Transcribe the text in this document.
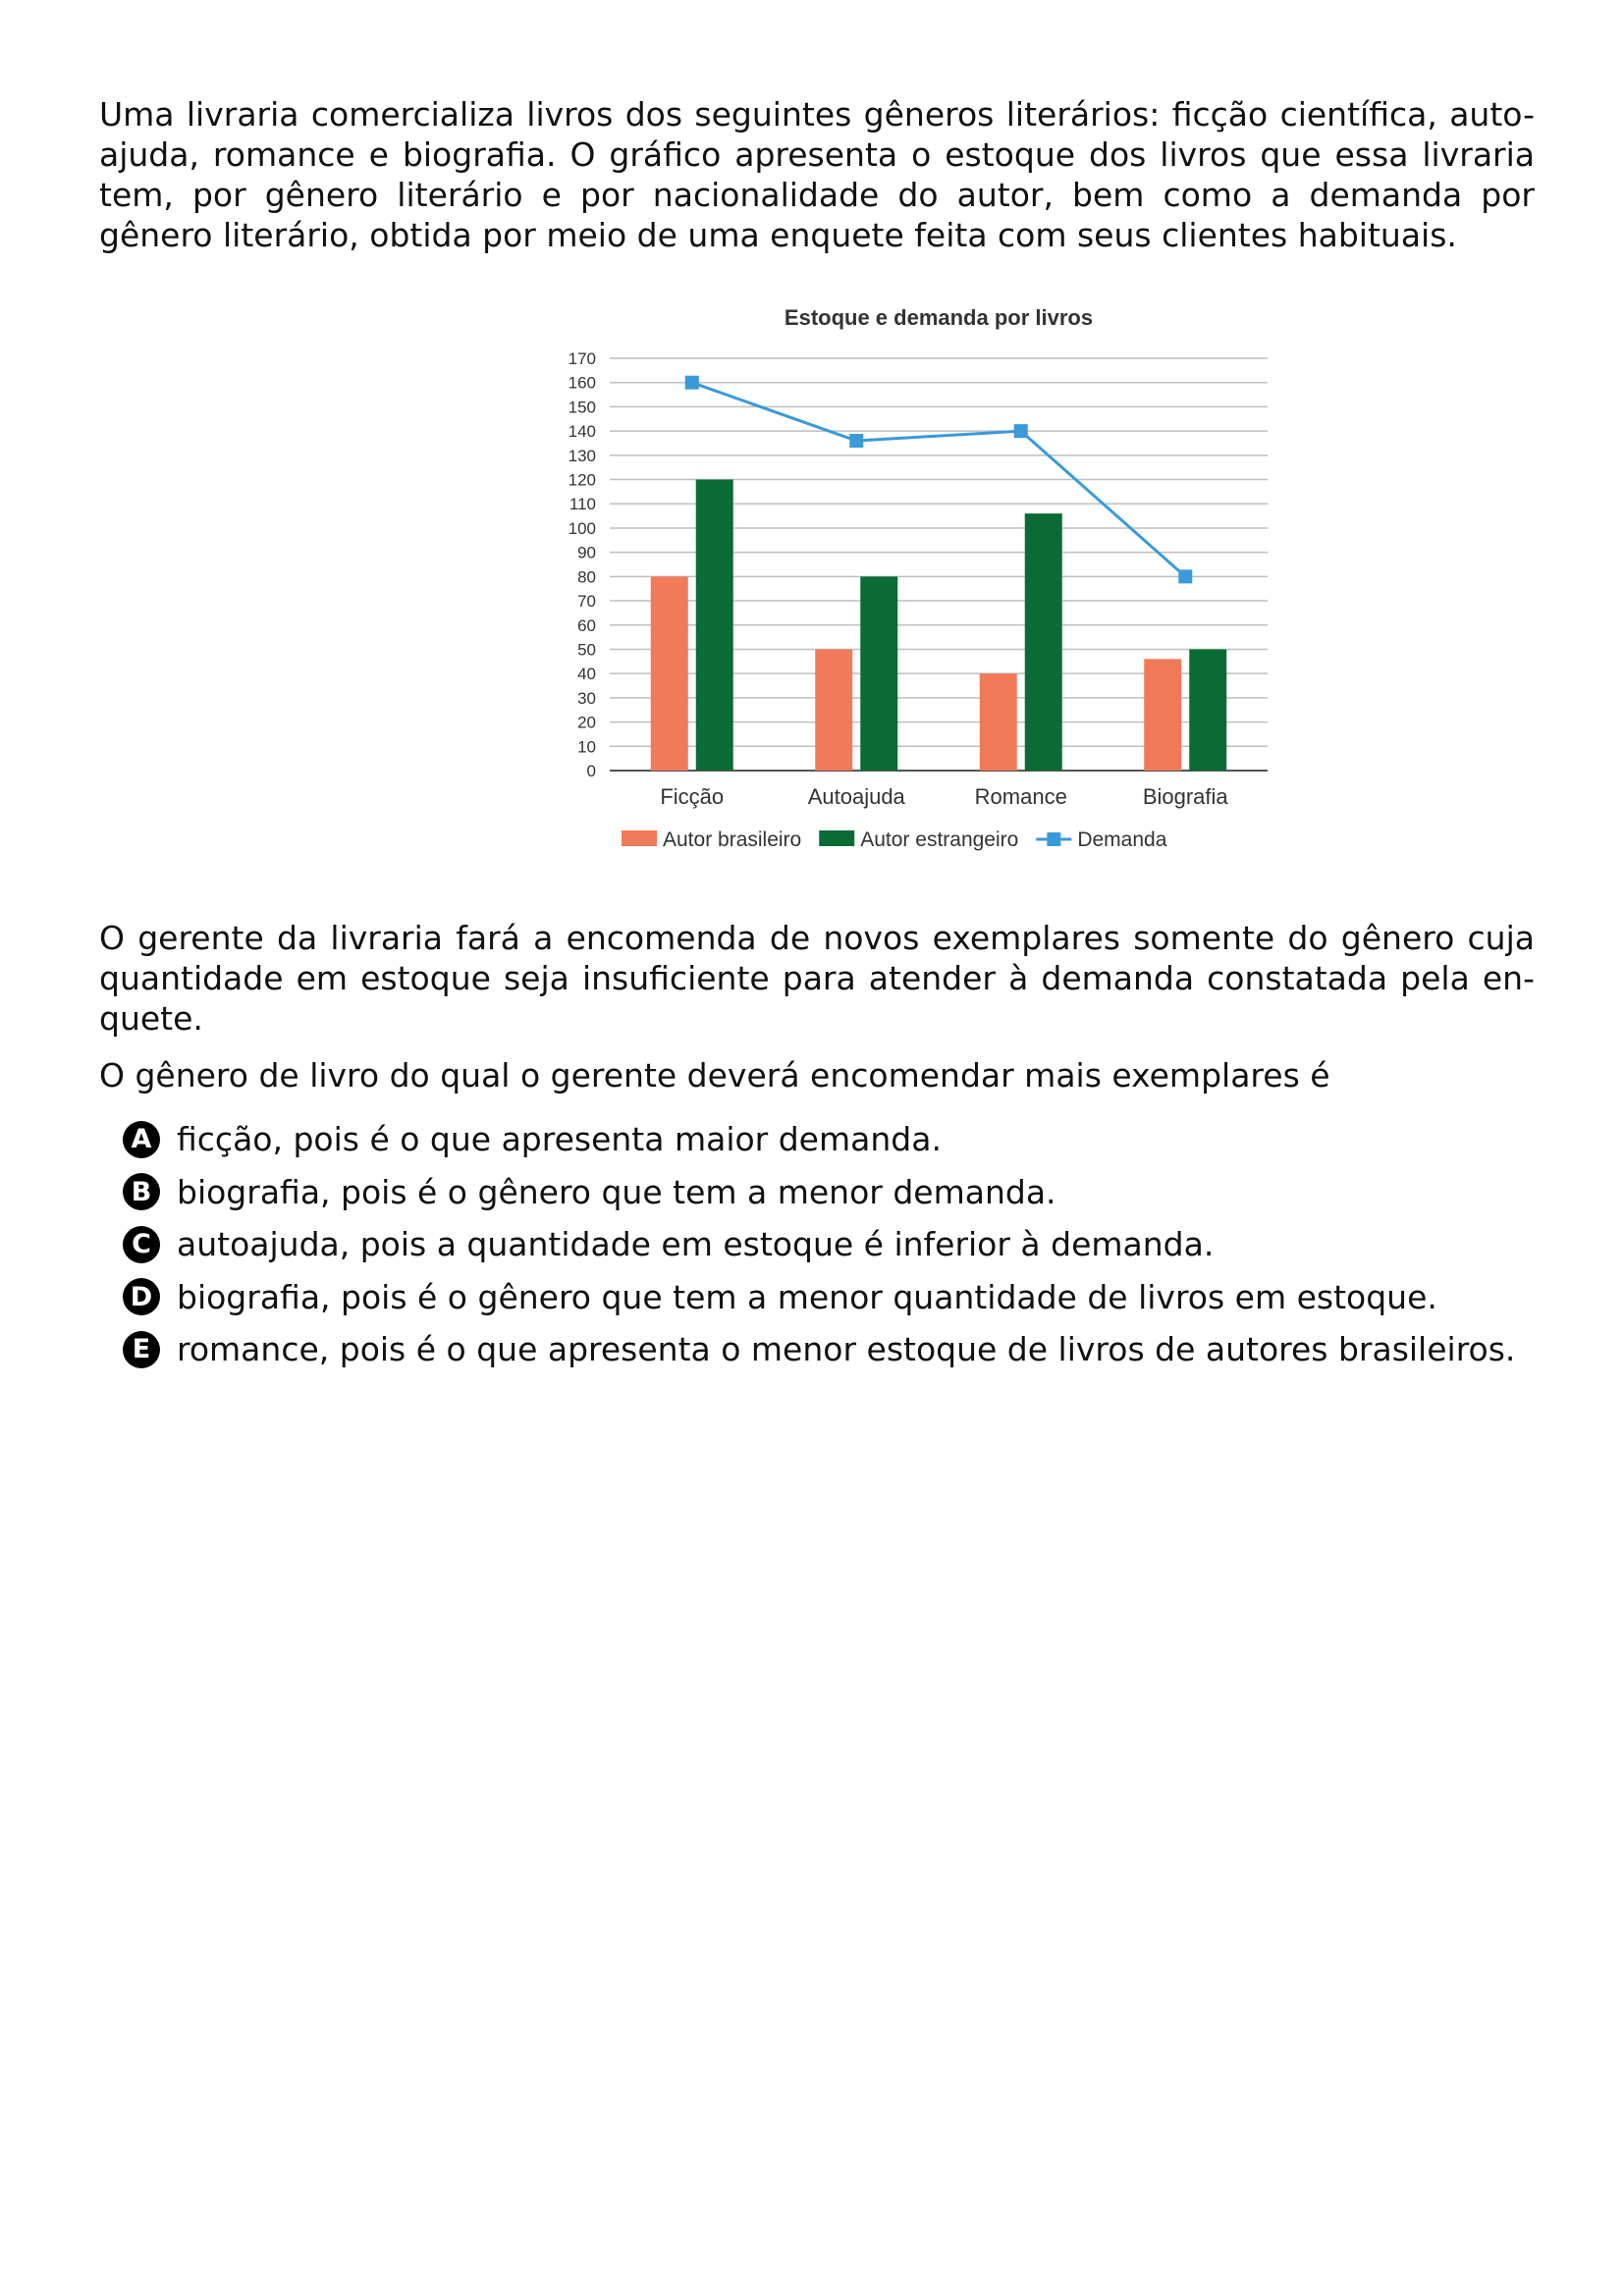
Uma livraria comercializa livros dos seguintes gêneros literários: ficção científica, auto-ajuda, romance e biografia. O gráfico apresenta o estoque dos livros que essa livraria tem, por gênero literário e por nacionalidade do autor, bem como a demanda por gênero literário, obtida por meio de uma enquete feita com seus clientes habituais.

Estoque e demanda por livros
0
10
20
30
40
50
60
70
80
90
100
110
120
130
140
150
160
170
Ficção	Autoajuda	Romance	Biografia
Autor brasileiro	Autor estrangeiro	Demanda

O gerente da livraria fará a encomenda de novos exemplares somente do gênero cuja quantidade em estoque seja insuficiente para atender à demanda constatada pela en-quete.

O gênero de livro do qual o gerente deverá encomendar mais exemplares é

A ficção, pois é o que apresenta maior demanda.
B biografia, pois é o gênero que tem a menor demanda.
C autoajuda, pois a quantidade em estoque é inferior à demanda.
D biografia, pois é o gênero que tem a menor quantidade de livros em estoque.
E romance, pois é o que apresenta o menor estoque de livros de autores brasileiros.
